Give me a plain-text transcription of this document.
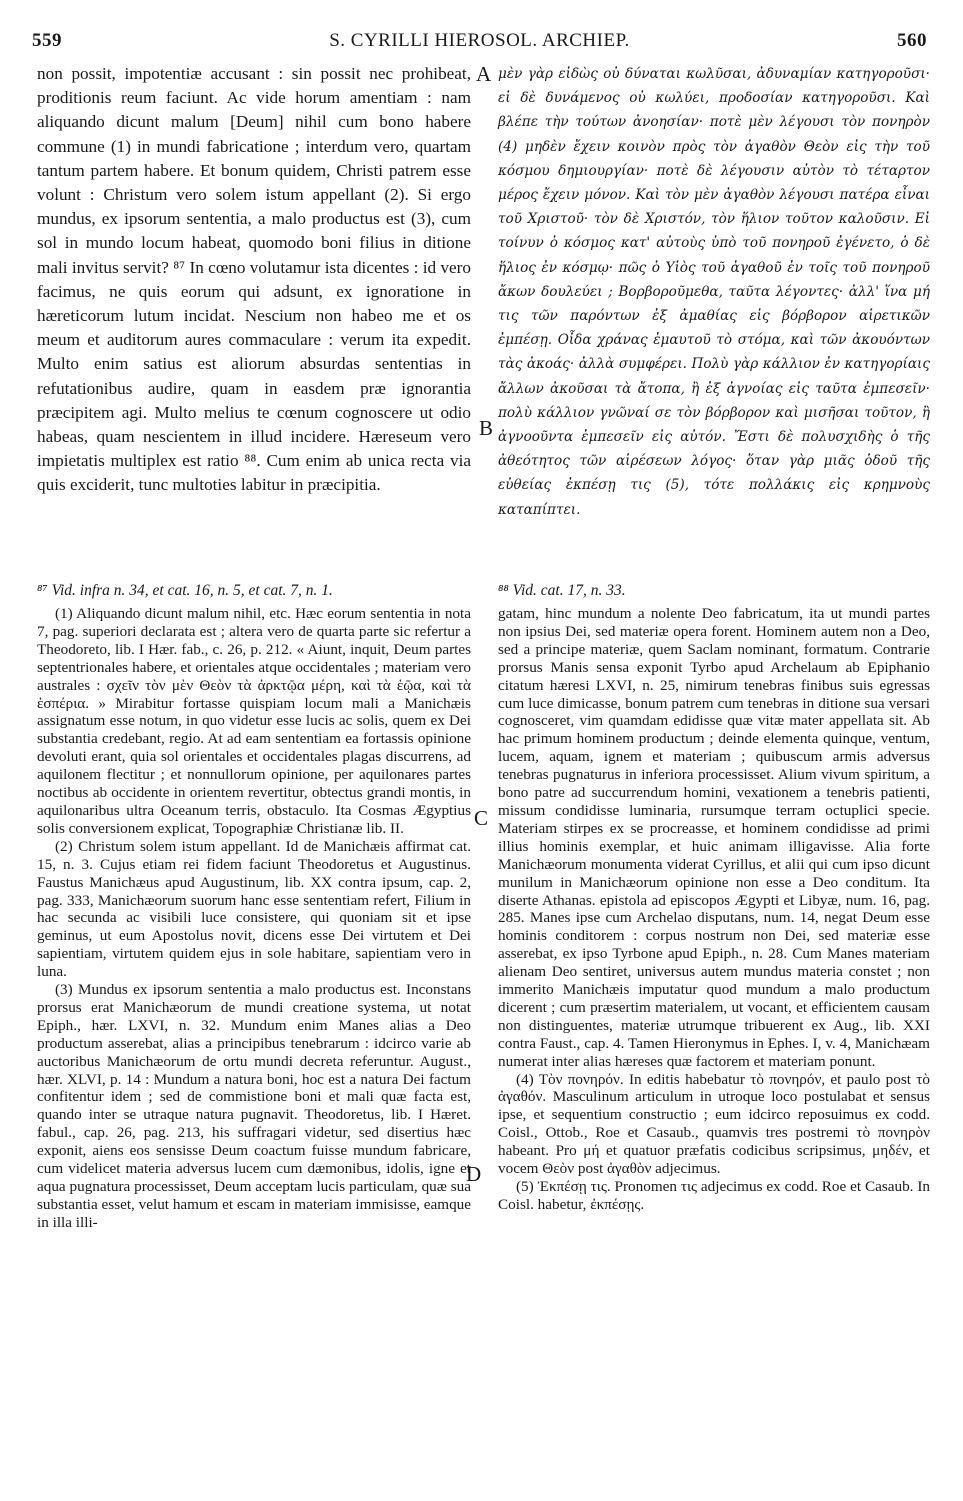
559	S. CYRILLI HIEROSOL. ARCHIEP.	560

non possit, impotentiæ accusant : sin possit nec prohibeat, proditionis reum faciunt. Ac vide horum amentiam : nam aliquando dicunt malum [Deum] nihil cum bono habere commune (1) in mundi fabricatione ; interdum vero, quartam tantum partem habere. Et bonum quidem, Christi patrem esse volunt : Christum vero solem istum appellant (2). Si ergo mundus, ex ipsorum sententia, a malo productus est (3), cum sol in mundo locum habeat, quomodo boni filius in ditione mali invitus servit? ⁸⁷ In cœno volutamur ista dicentes : id vero facimus, ne quis eorum qui adsunt, ex ignoratione in hæreticorum lutum incidat. Nescium non habeo me et os meum et auditorum aures commaculare : verum ita expedit. Multo enim satius est aliorum absurdas sententias in refutationibus audire, quam in easdem præ ignorantia præcipitem agi. Multo melius te cœnum cognoscere ut odio habeas, quam nescientem in illud incidere. Hæreseum vero impietatis multiplex est ratio ⁸⁸. Cum enim ab unica recta via quis exciderit, tunc multoties labitur in præcipitia.

μὲν γὰρ εἰδὼς οὐ δύναται κωλῦσαι, ἀδυναμίαν κατηγοροῦσι· εἰ δὲ δυνάμενος οὐ κωλύει, προδοσίαν κατηγοροῦσι. Καὶ βλέπε τὴν τούτων ἀνοησίαν· ποτὲ μὲν λέγουσι τὸν πονηρὸν (4) μηδὲν ἔχειν κοινὸν πρὸς τὸν ἀγαθὸν Θεὸν εἰς τὴν τοῦ κόσμου δημιουργίαν· ποτὲ δὲ λέγουσιν αὐτὸν τὸ τέταρτον μέρος ἔχειν μόνον. Καὶ τὸν μὲν ἀγαθὸν λέγουσι πατέρα εἶναι τοῦ Χριστοῦ· τὸν δὲ Χριστόν, τὸν ἥλιον τοῦτον καλοῦσιν. Εἰ τοίνυν ὁ κόσμος κατ' αὐτοὺς ὑπὸ τοῦ πονηροῦ ἐγένετο, ὁ δὲ ἥλιος ἐν κόσμῳ· πῶς ὁ Υἱὸς τοῦ ἀγαθοῦ ἐν τοῖς τοῦ πονηροῦ ἄκων δουλεύει ; Βορβοροῦμεθα, ταῦτα λέγοντες· ἀλλ' ἵνα μή τις τῶν παρόντων ἐξ ἀμαθίας εἰς βόρβορον αἱρετικῶν ἐμπέσῃ. Οἶδα χράνας ἐμαυτοῦ τὸ στόμα, καὶ τῶν ἀκουόντων τὰς ἀκοάς· ἀλλὰ συμφέρει. Πολὺ γὰρ κάλλιον ἐν κατηγορίαις ἄλλων ἀκοῦσαι τὰ ἄτοπα, ἢ ἐξ ἀγνοίας εἰς ταῦτα ἐμπεσεῖν· πολὺ κάλλιον γνῶναί σε τὸν βόρβορον καὶ μισῆσαι τοῦτον, ἢ ἀγνοοῦντα ἐμπεσεῖν εἰς αὐτόν. Ἔστι δὲ πολυσχιδὴς ὁ τῆς ἀθεότητος τῶν αἱρέσεων λόγος· ὅταν γὰρ μιᾶς ὁδοῦ τῆς εὐθείας ἐκπέσῃ τις (5), τότε πολλάκις εἰς κρημνοὺς καταπίπτει.

A
B
C
D
⁸⁷ Vid. infra n. 34, et cat. 16, n. 5, et cat. 7, n. 1.	⁸⁸ Vid. cat. 17, n. 33.

(1) Aliquando dicunt malum nihil, etc. Hæc eorum sententia in nota 7, pag. superiori declarata est ; altera vero de quarta parte sic refertur a Theodoreto, lib. I Hær. fab., c. 26, p. 212. « Aiunt, inquit, Deum partes septentrionales habere, et orientales atque occidentales ; materiam vero australes : σχεῖν τὸν μὲν Θεὸν τὰ ἀρκτῷα μέρη, καὶ τὰ ἑῷα, καὶ τὰ ἑσπέρια. » Mirabitur fortasse quispiam locum mali a Manichæis assignatum esse notum, in quo videtur esse lucis ac solis, quem ex Dei substantia credebant, regio. At ad eam sententiam ea fortassis opinione devoluti erant, quia sol orientales et occidentales plagas discurrens, ad aquilonem flectitur ; et nonnullorum opinione, per aquilonares partes noctibus ab occidente in orientem revertitur, obtectus grandi montis, in aquilonaribus ultra Oceanum terris, obstaculo. Ita Cosmas Ægyptius solis conversionem explicat, Topographiæ Christianæ lib. II.

(2) Christum solem istum appellant. Id de Manichæis affirmat cat. 15, n. 3. Cujus etiam rei fidem faciunt Theodoretus et Augustinus. Faustus Manichæus apud Augustinum, lib. XX contra ipsum, cap. 2, pag. 333, Manichæorum suorum hanc esse sententiam refert, Filium in hac secunda ac visibili luce consistere, qui quoniam sit et ipse geminus, ut eum Apostolus novit, dicens esse Dei virtutem et Dei sapientiam, virtutem quidem ejus in sole habitare, sapientiam vero in luna.

(3) Mundus ex ipsorum sententia a malo productus est. Inconstans prorsus erat Manichæorum de mundi creatione systema, ut notat Epiph., hær. LXVI, n. 32. Mundum enim Manes alias a Deo productum asserebat, alias a principibus tenebrarum : idcirco varie ab auctoribus Manichæorum de ortu mundi decreta referuntur. August., hær. XLVI, p. 14 : Mundum a natura boni, hoc est a natura Dei factum confitentur idem ; sed de commistione boni et mali quæ facta est, quando inter se utraque natura pugnavit. Theodoretus, lib. I Hæret. fabul., cap. 26, pag. 213, his suffragari videtur, sed disertius hæc exponit, aiens eos sensisse Deum coactum fuisse mundum fabricare, cum videlicet materia adversus lucem cum dæmonibus, idolis, igne et aqua pugnatura processisset, Deum acceptam lucis particulam, quæ sua substantia esset, velut hamum et escam in materiam immisisse, eamque in illa illi-

gatam, hinc mundum a nolente Deo fabricatum, ita ut mundi partes non ipsius Dei, sed materiæ opera forent. Hominem autem non a Deo, sed a principe materiæ, quem Saclam nominant, formatum. Contrarie prorsus Manis sensa exponit Tyrbo apud Archelaum ab Epiphanio citatum hæresi LXVI, n. 25, nimirum tenebras finibus suis egressas cum luce dimicasse, bonum patrem cum tenebras in ditione sua versari cognosceret, vim quamdam edidisse quæ vitæ mater appellata sit. Ab hac primum hominem productum ; deinde elementa quinque, ventum, lucem, aquam, ignem et materiam ; quibuscum armis adversus tenebras pugnaturus in inferiora processisset. Alium vivum spiritum, a bono patre ad succurrendum homini, vexationem a tenebris patienti, missum condidisse luminaria, rursumque terram octuplici specie. Materiam stirpes ex se procreasse, et hominem condidisse ad primi illius hominis exemplar, et huic animam illigavisse. Alia forte Manichæorum monumenta viderat Cyrillus, et alii qui cum ipso dicunt munilum in Manichæorum opinione non esse a Deo conditum. Ita diserte Athanas. epistola ad episcopos Ægypti et Libyæ, num. 16, pag. 285. Manes ipse cum Archelao disputans, num. 14, negat Deum esse hominis conditorem : corpus nostrum non Dei, sed materiæ esse asserebat, ex ipso Tyrbone apud Epiph., n. 28. Cum Manes materiam alienam Deo sentiret, universus autem mundus materia constet ; non immerito Manichæis imputatur quod mundum a malo productum dicerent ; cum præsertim materialem, ut vocant, et efficientem causam non distinguentes, materiæ utrumque tribuerent ex Aug., lib. XXI contra Faust., cap. 4. Tamen Hieronymus in Ephes. I, v. 4, Manichæam numerat inter alias hæreses quæ factorem et materiam ponunt.

(4) Τὸν πονηρόν. In editis habebatur τὸ πονηρόν, et paulo post τὸ ἀγαθόν. Masculinum articulum in utroque loco postulabat et sensus ipse, et sequentium constructio ; eum idcirco reposuimus ex codd. Coisl., Ottob., Roe et Casaub., quamvis tres postremi τὸ πονηρὸν habeant. Pro μή et quatuor præfatis codicibus scripsimus, μηδέν, et vocem Θεὸν post ἀγαθὸν adjecimus.

(5) Ἐκπέσῃ τις. Pronomen τις adjecimus ex codd. Roe et Casaub. In Coisl. habetur, ἐκπέσῃς.
